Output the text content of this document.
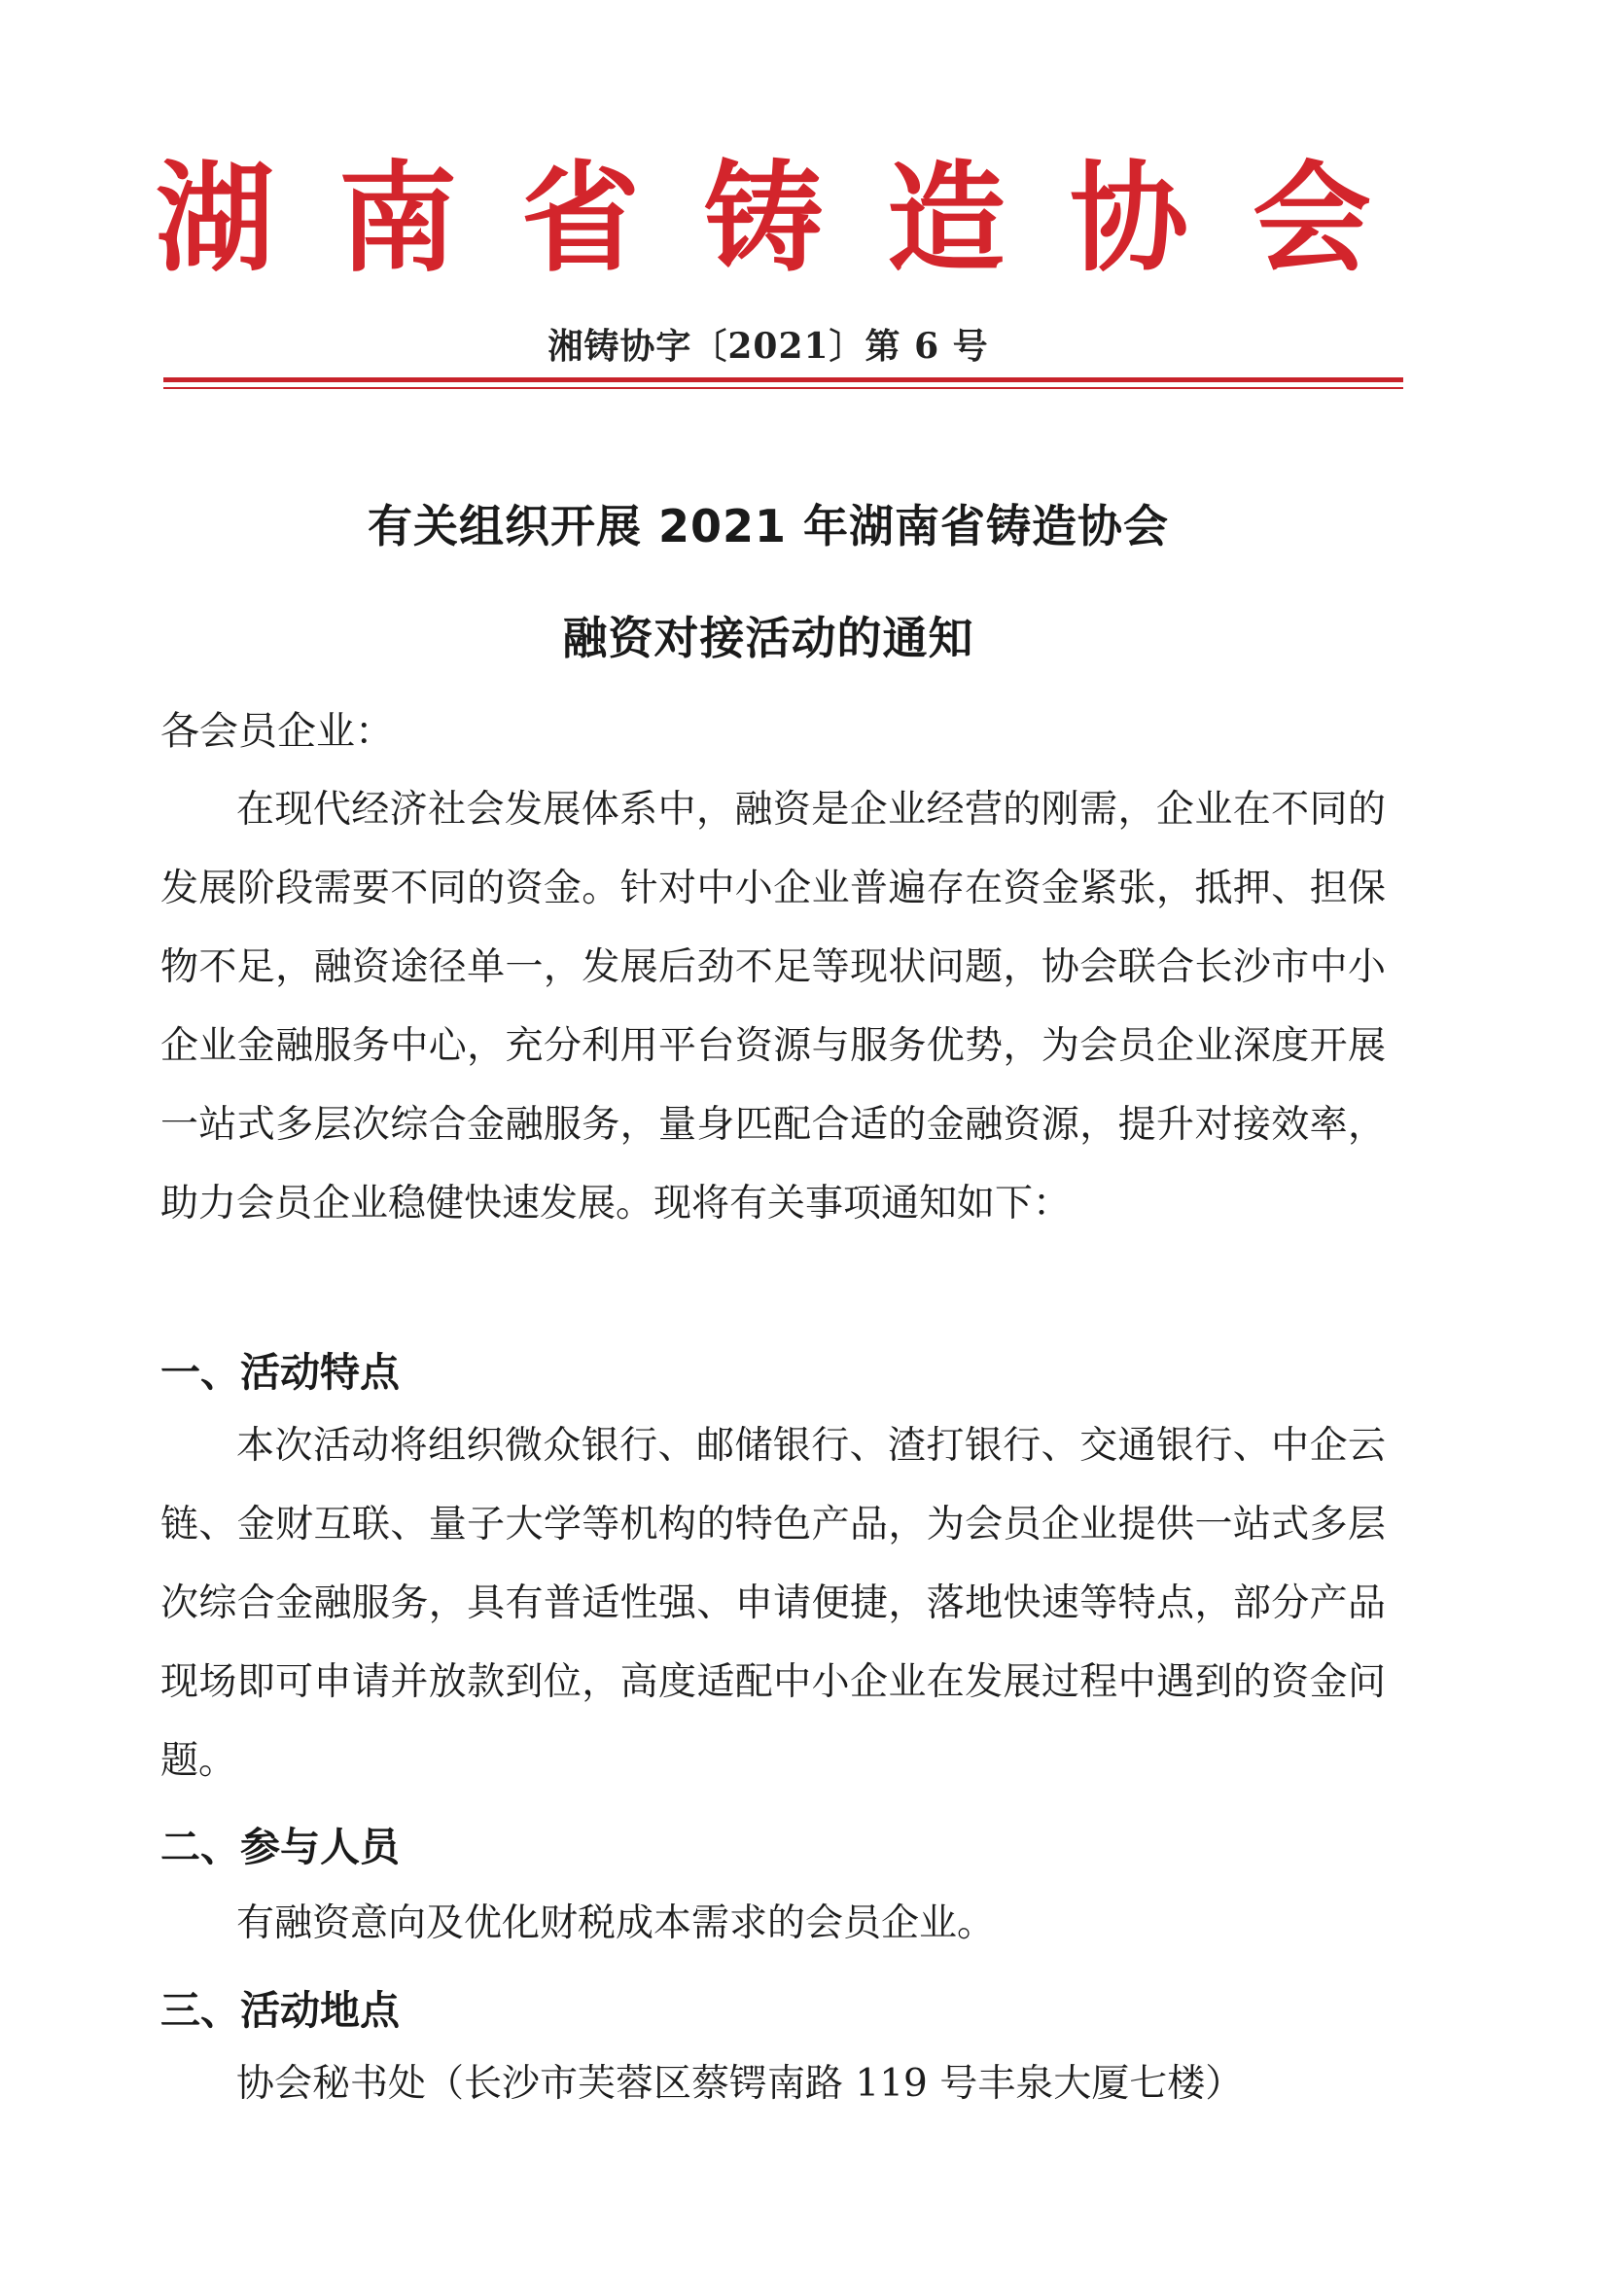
湖 南 省 铸 造 协 会
湘铸协字〔2021〕第 6 号
有关组织开展 2021 年湖南省铸造协会
融资对接活动的通知
各会员企业：

在现代经济社会发展体系中，融资是企业经营的刚需，企业在不同的发展阶段需要不同的资金。针对中小企业普遍存在资金紧张，抵押、担保物不足，融资途径单一，发展后劲不足等现状问题，协会联合长沙市中小企业金融服务中心，充分利用平台资源与服务优势，为会员企业深度开展一站式多层次综合金融服务，量身匹配合适的金融资源，提升对接效率，助力会员企业稳健快速发展。现将有关事项通知如下：

一、活动特点

本次活动将组织微众银行、邮储银行、渣打银行、交通银行、中企云链、金财互联、量子大学等机构的特色产品，为会员企业提供一站式多层次综合金融服务，具有普适性强、申请便捷，落地快速等特点，部分产品现场即可申请并放款到位，高度适配中小企业在发展过程中遇到的资金问题。

二、参与人员

有融资意向及优化财税成本需求的会员企业。

三、活动地点

协会秘书处（长沙市芙蓉区蔡锷南路 119 号丰泉大厦七楼）
